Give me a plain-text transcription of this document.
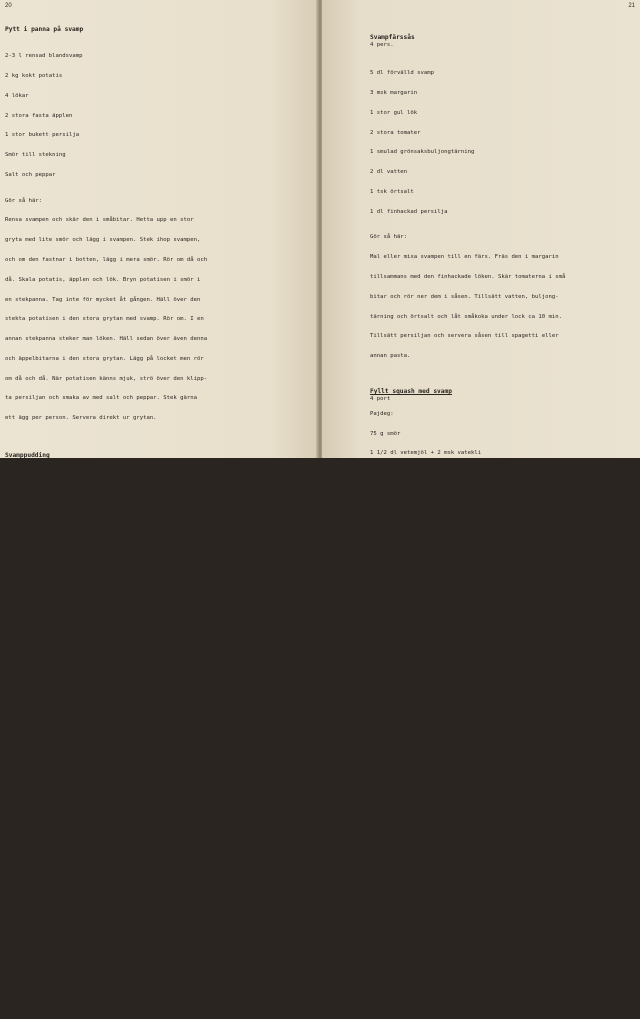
20
Pytt i panna på svamp

2-3 l rensad blandsvamp

2 kg kokt potatis

4 lökar

2 stora fasta äpplen

1 stor bukett persilja

Smör till stekning

Salt och peppar

Gör så här:

Rensa svampen och skär den i småbitar. Hetta upp en stor

gryta med lite smör och lägg i svampen. Stek ihop svampen,

och om den fastnar i botten, lägg i mera smör. Rör om då och

då. Skala potatis, äpplen och lök. Bryn potatisen i smör i

en stekpanna. Tag inte för mycket åt gången. Häll över den

stekta potatisen i den stora grytan med svamp. Rör om. I en

annan stekpanna steker man löken. Häll sedan över även denna

och äppelbitarna i den stora grytan. Lägg på locket men rör

om då och då. När potatisen känns mjuk, strö över den klipp-

ta persiljan och smaka av med salt och peppar. Stek gärna

ett ägg per person. Servera direkt ur grytan.

Svamppudding
4 pers.

1 kg färsk svamp (soppar, riskor är bra, även

blandsvamp går)

8 msk skorpmjöl

1 1/5 dl mjölk

1 ägg

1-2 msk finhackad gul lök

1/2-1 msk matfett

Kryddor efter smak

Gör så här:

Blöt upp skorpmjölet i mjölken. Rensa svampen och mal den i

köttkvarn. Blanda ihop svamp, det blöta skorpmjölet, lök

(man kan bryna löken om man vill), kryddor och ägg. Rör om

ordentligt. Smörj och bröa en eldfast form och häll över

smeten. Över smeten strös skorpmjöl och fettet flickas

uppepå. Grädda i 175 grader. Servera med t.ex. bacon.

21
Svampfärssås
4 pers.

5 dl förvälld svamp

3 msk margarin

1 stor gul lök

2 stora tomater

1 smulad grönsaksbuljongtärning

2 dl vatten

1 tsk örtsalt

1 dl finhackad persilja

Gör så här:

Mal eller mixa svampen till en färs. Fräs den i margarin

tillsammans med den finhackade löken. Skär tomaterna i små

bitar och rör ner dem i såsen. Tillsätt vatten, buljong-

tärning och örtsalt och låt småkoka under lock ca 10 min.

Tillsätt persiljan och servera såsen till spagetti eller

annan pasta.

Fyllt squash med svamp
4 port
Pajdeg:

75 g smör

1 1/2 dl vetemjöl + 2 msk vatekli

1 msk vatten

Ca 700 g squash

1 stor gul lök

(100 g rökt skinka)

Ca 200 g förvällda kantareller eller champinjoner

2 msk smör

3 msk vetemjöl

1-1 1/2 tsk örtsalt

1-2 krydddmått basilika

1 stor tomat

2 msk chilisås + 1/2 dl grädde

Hackad persilja

Gör så här:

Hacka ihop smör, mjöl och kli. Tillsätt vattnet och arbete

ihop till en deg. Låt den gärna vila kallt någon timme.

Skär squashen i sockerbitsstora tärningar. Skala och grov-

hacka löken. (Strimla skinkan.) Bryn svampen och lägg i

smord ungssäker form. Fräs löken och ev. skinka. Vänd

squashtärningarna i mjölet och blanda dem med lök (och

skinka) i stekpannan. Rör i salt, örtkrydda och den hackade

tomaten. Blanda i chilisås, grädde och persilja. Häll rören

över svampen. Kavla ut pajdegen mellan mjölad plastfolie

till lagom format för formen och lägg degen på rören. Nagga

lätt med gaffel.

Grädda i 225 grader ca 20 min. Ät pajen nygräddad med t.ex.

en tomatsallad.
